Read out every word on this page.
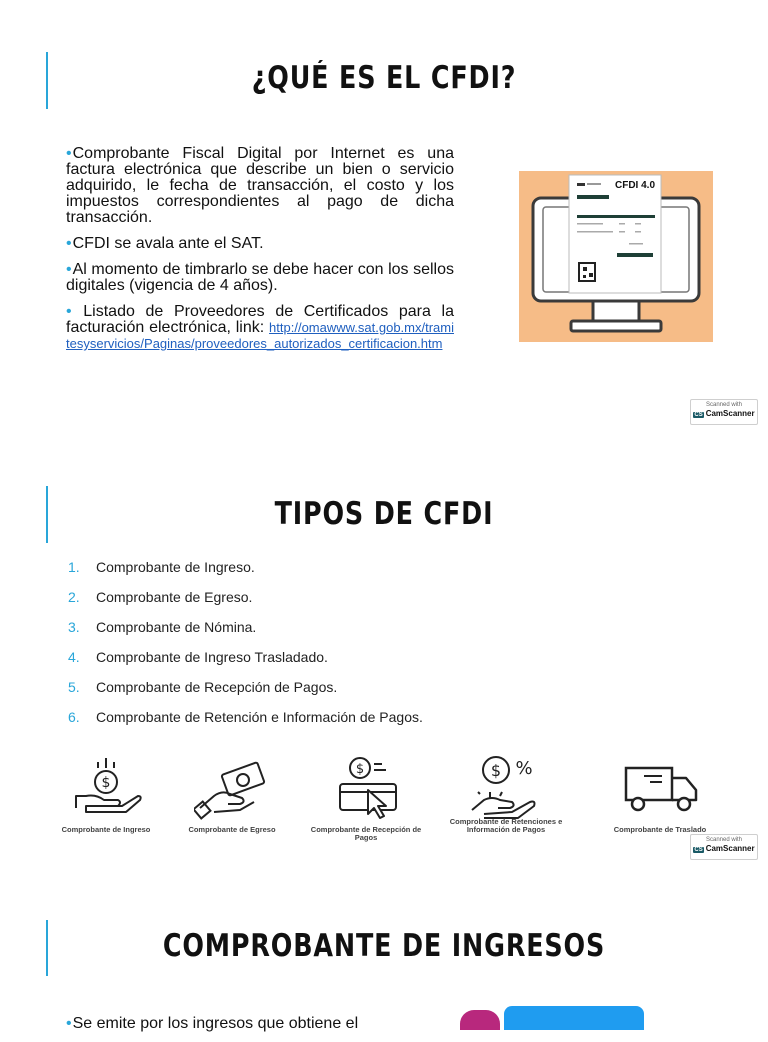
¿QUÉ ES EL CFDI?

• Comprobante Fiscal Digital por Internet es una factura electrónica que describe un bien o servicio adquirido, le fecha de transacción, el costo y los impuestos correspondientes al pago de dicha transacción.

• CFDI se avala ante el SAT.

• Al momento de timbrarlo se debe hacer con los sellos digitales (vigencia de 4 años).

• Listado de Proveedores de Certificados para la facturación electrónica, link: http://omawww.sat.gob.mx/tramitesyservicios/Paginas/proveedores_autorizados_certificacion.htm

CFDI 4.0
Scanned with
CS CamScanner
TIPOS DE CFDI
1. Comprobante de Ingreso.
2. Comprobante de Egreso.
3. Comprobante de Nómina.
4. Comprobante de Ingreso Trasladado.
5. Comprobante de Recepción de Pagos.
6. Comprobante de Retención e Información de Pagos.
$
Comprobante de Ingreso	Comprobante de Egreso
$
Comprobante de Recepción de Pagos
$ %
Comprobante de Retenciones e Información de Pagos	Comprobante de Traslado
Scanned with
CS CamScanner
COMPROBANTE DE INGRESOS

• Se emite por los ingresos que obtiene el
